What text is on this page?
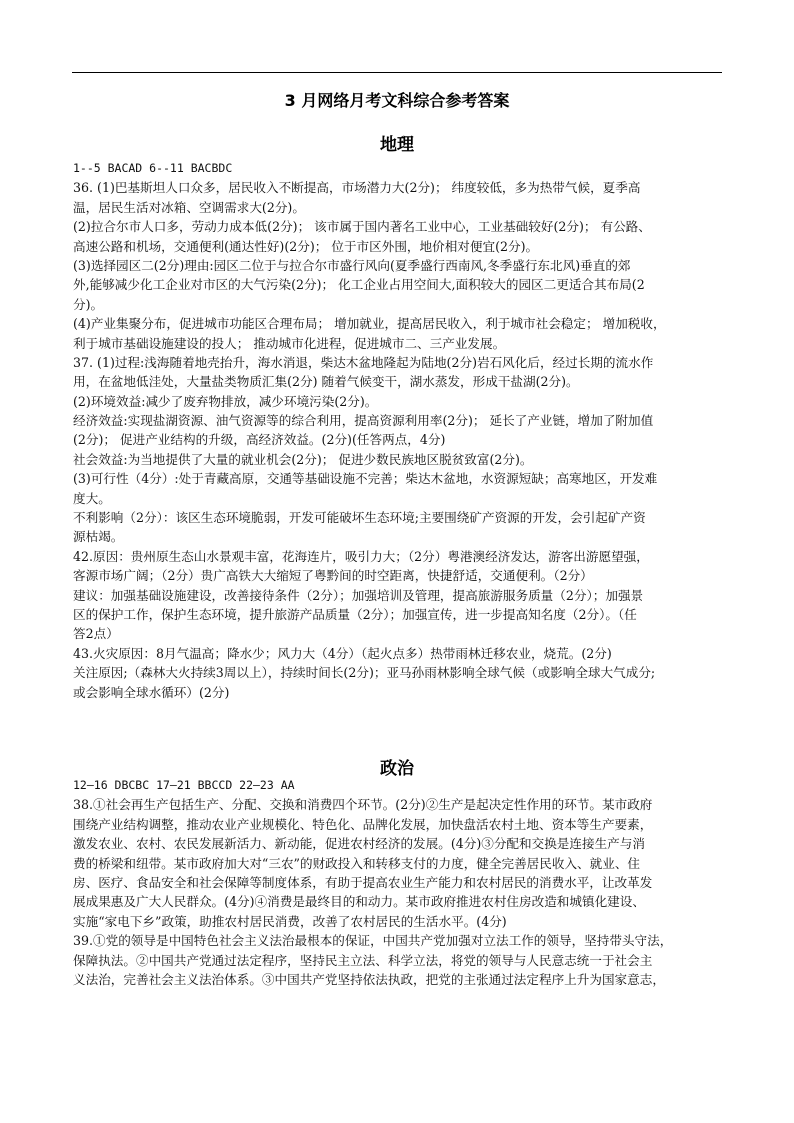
3 月网络月考文科综合参考答案
地理
1--5 BACAD 6--11 BACBDC
36. (1)巴基斯坦人口众多，居民收入不断提高，市场潜力大(2分)； 纬度较低，多为热带气候，夏季高
温，居民生活对冰箱、空调需求大(2分)。
(2)拉合尔市人口多，劳动力成本低(2分)； 该市属于国内著名工业中心，工业基础较好(2分)； 有公路、
高速公路和机场，交通便利(通达性好)(2分)； 位于市区外围，地价相对便宜(2分)。
(3)选择园区二(2分)理由:园区二位于与拉合尔市盛行风向(夏季盛行西南风,冬季盛行东北风)垂直的郊
外,能够减少化工企业对市区的大气污染(2分)； 化工企业占用空间大,面积较大的园区二更适合其布局(2
分)。
(4)产业集聚分布，促进城市功能区合理布局； 增加就业，提高居民收入，利于城市社会稳定； 增加税收，
利于城市基础设施建设的投人； 推动城市化进程，促进城市二、三产业发展。
37. (1)过程:浅海随着地壳抬升，海水消退，柴达木盆地隆起为陆地(2分)岩石风化后，经过长期的流水作
用，在盆地低洼处，大量盐类物质汇集(2分) 随着气候变干，湖水蒸发，形成干盐湖(2分)。
(2)环境效益:减少了废弃物排放，减少环境污染(2分)。
经济效益:实现盐湖资源、油气资源等的综合利用，提高资源利用率(2分)； 延长了产业链，增加了附加值
(2分)； 促进产业结构的升级，高经济效益。(2分)(任答两点，4分)
社会效益:为当地提供了大量的就业机会(2分)； 促进少数民族地区脱贫致富(2分)。
(3)可行性（4分）:处于青藏高原，交通等基础设施不完善；柴达木盆地，水资源短缺；高寒地区，开发难
度大。
不利影响（2分）：该区生态环境脆弱，开发可能破坏生态环境;主要围绕矿产资源的开发，会引起矿产资
源枯竭。
42.原因：贵州原生态山水景观丰富，花海连片，吸引力大；（2分）粤港澳经济发达，游客出游愿望强，
客源市场广阔；（2分）贵广高铁大大缩短了粤黔间的时空距离，快捷舒适，交通便利。（2分）
建议：加强基础设施建设，改善接待条件（2分）；加强培训及管理，提高旅游服务质量（2分）；加强景
区的保护工作，保护生态环境，提升旅游产品质量（2分）；加强宣传，进一步提高知名度（2分）。（任
答2点）
43.火灾原因：8月气温高；降水少；风力大（4分）（起火点多）热带雨林迁移农业，烧荒。(2分)
关注原因;（森林大火持续3周以上），持续时间长(2分)；亚马孙雨林影响全球气候（或影响全球大气成分;
或会影响全球水循环）(2分)
政治
12—16 DBCBC 17—21 BBCCD 22—23 AA
38.①社会再生产包括生产、分配、交换和消费四个环节。(2分)②生产是起决定性作用的环节。某市政府
围绕产业结构调整，推动农业产业规模化、特色化、品牌化发展，加快盘活农村土地、资本等生产要素，
激发农业、农村、农民发展新活力、新动能，促进农村经济的发展。(4分)③分配和交换是连接生产与消
费的桥梁和纽带。某市政府加大对“三农”的财政投入和转移支付的力度，健全完善居民收入、就业、住
房、医疗、食品安全和社会保障等制度体系，有助于提高农业生产能力和农村居民的消费水平，让改革发
展成果惠及广大人民群众。(4分)④消费是最终目的和动力。某市政府推进农村住房改造和城镇化建设、
实施“家电下乡”政策，助推农村居民消费，改善了农村居民的生活水平。(4分)
39.①党的领导是中国特色社会主义法治最根本的保证，中国共产党加强对立法工作的领导，坚持带头守法，
保障执法。②中国共产党通过法定程序，坚持民主立法、科学立法，将党的领导与人民意志统一于社会主
义法治，完善社会主义法治体系。③中国共产党坚持依法执政，把党的主张通过法定程序上升为国家意志，
